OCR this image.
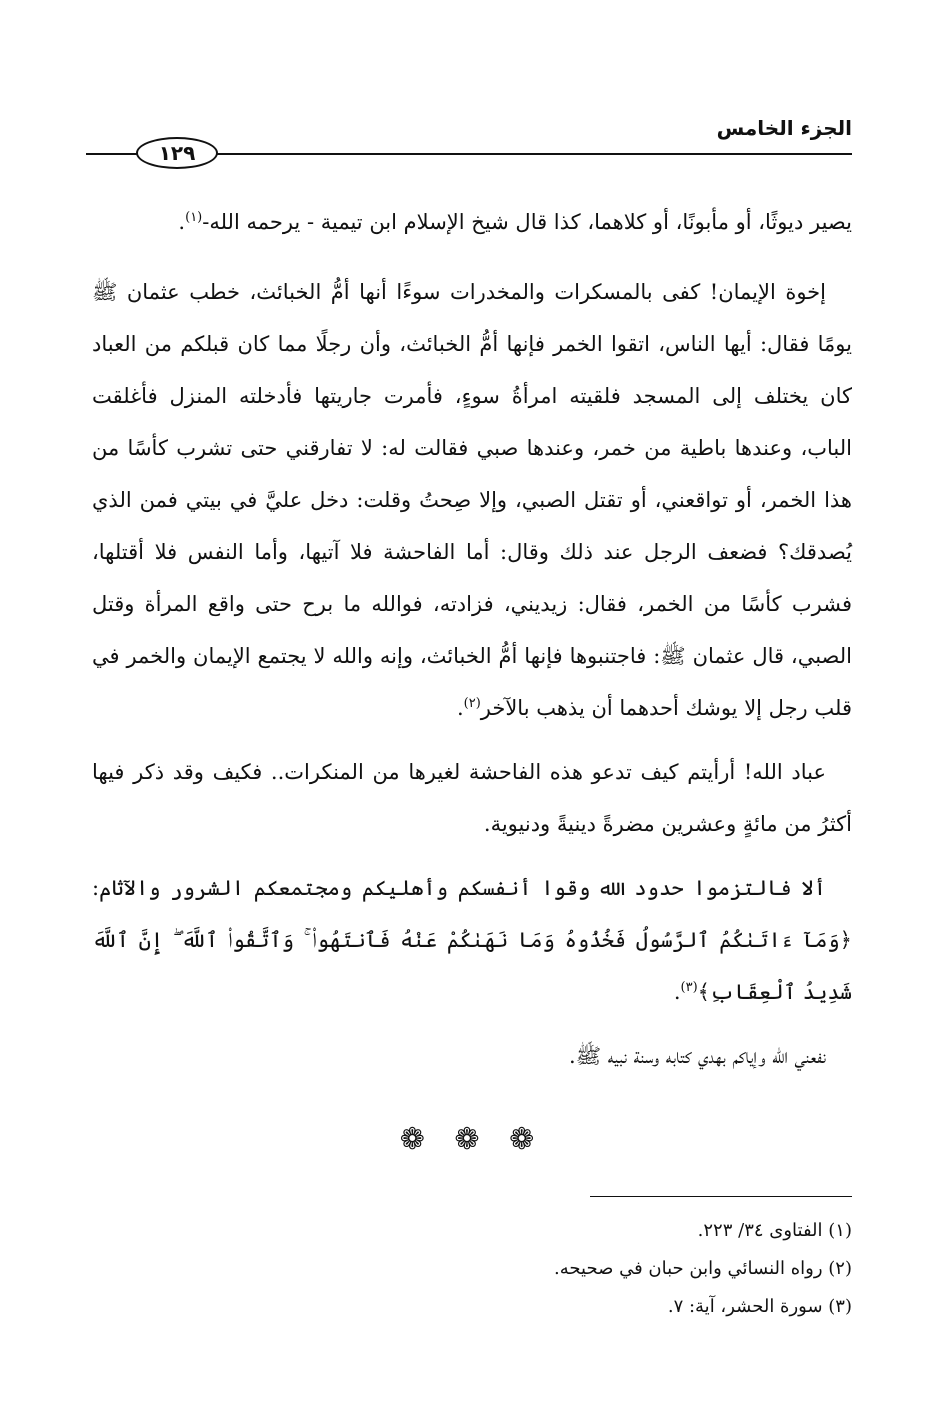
الجزء الخامس
١٢٩

يصير ديوثًا، أو مأبونًا، أو كلاهما، كذا قال شيخ الإسلام ابن تيمية - يرحمه الله-$^{(١)}$.

إخوة الإيمان! كفى بالمسكرات والمخدرات سوءًا أنها أمُّ الخبائث، خطب عثمان ﷺ يومًا فقال: أيها الناس، اتقوا الخمر فإنها أمُّ الخبائث، وأن رجلًا مما كان قبلكم من العباد كان يختلف إلى المسجد فلقيته امرأةُ سوءٍ، فأمرت جاريتها فأدخلته المنزل فأغلقت الباب، وعندها باطية من خمر، وعندها صبي فقالت له: لا تفارقني حتى تشرب كأسًا من هذا الخمر، أو تواقعني، أو تقتل الصبي، وإلا صِحتُ وقلت: دخل عليَّ في بيتي فمن الذي يُصدقك؟ فضعف الرجل عند ذلك وقال: أما الفاحشة فلا آتيها، وأما النفس فلا أقتلها، فشرب كأسًا من الخمر، فقال: زيديني، فزادته، فوالله ما برح حتى واقع المرأة وقتل الصبي، قال عثمان ﷺ: فاجتنبوها فإنها أمُّ الخبائث، وإنه والله لا يجتمع الإيمان والخمر في قلب رجل إلا يوشك أحدهما أن يذهب بالآخر$^{(٢)}$.

عباد الله! أرأيتم كيف تدعو هذه الفاحشة لغيرها من المنكرات.. فكيف وقد ذكر فيها أكثرُ من مائةٍ وعشرين مضرةً دينيةً ودنيوية.

ألا فالتزموا حدود الله وقوا أنفسكم وأهليكم ومجتمعكم الشرور والآثام: ﴿وَمَآ ءَاتَىٰكُمُ ٱلرَّسُولُ فَخُذُوهُ وَمَا نَهَىٰكُمْ عَنْهُ فَٱنتَهُوا۟ ۚ وَٱتَّقُوا۟ ٱللَّهَ ۖ إِنَّ ٱللَّهَ شَدِيدُ ٱلْعِقَابِ﴾$^{(٣)}$.

نفعني الله وإياكم بهدي كتابه وسنة نبيه ﷺ.

❁ ❁ ❁

(١) الفتاوى ٣٤/ ٢٢٣.

(٢) رواه النسائي وابن حبان في صحيحه.

(٣) سورة الحشر، آية: ٧.
